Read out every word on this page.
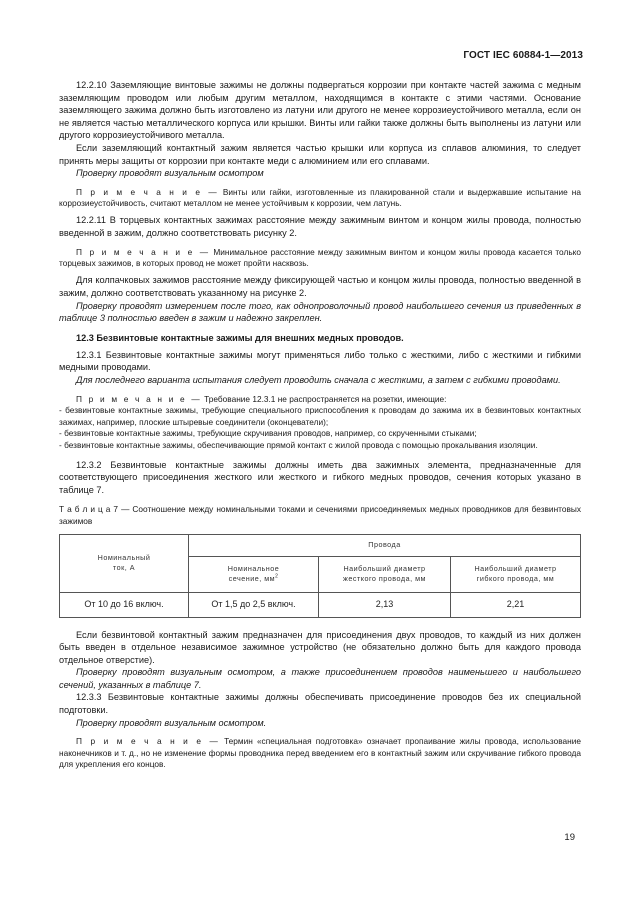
ГОСТ IEC 60884-1—2013

12.2.10 Заземляющие винтовые зажимы не должны подвергаться коррозии при контакте частей зажима с медным заземляющим проводом или любым другим металлом, находящимся в контакте с этими частями. Основание заземляющего зажима должно быть изготовлено из латуни или другого не менее коррозиеустойчивого металла, если он не является частью металлического корпуса или крышки. Винты или гайки также должны быть выполнены из латуни или другого коррозиеустойчивого металла.

Если заземляющий контактный зажим является частью крышки или корпуса из сплавов алюминия, то следует принять меры защиты от коррозии при контакте меди с алюминием или его сплавами.

Проверку проводят визуальным осмотром

П р и м е ч а н и е — Винты или гайки, изготовленные из плакированной стали и выдержавшие испытание на коррозиеустойчивость, считают металлом не менее устойчивым к коррозии, чем латунь.

12.2.11 В торцевых контактных зажимах расстояние между зажимным винтом и концом жилы провода, полностью введенной в зажим, должно соответствовать рисунку 2.

П р и м е ч а н и е — Минимальное расстояние между зажимным винтом и концом жилы провода касается только торцевых зажимов, в которых провод не может пройти насквозь.

Для колпачковых зажимов расстояние между фиксирующей частью и концом жилы провода, полностью введенной в зажим, должно соответствовать указанному на рисунке 2.

Проверку проводят измерением после того, как однопроволочный провод наибольшего сечения из приведенных в таблице 3 полностью введен в зажим и надежно закреплен.

12.3 Безвинтовые контактные зажимы для внешних медных проводов.

12.3.1 Безвинтовые контактные зажимы могут применяться либо только с жесткими, либо с жесткими и гибкими медными проводами.

Для последнего варианта испытания следует проводить сначала с жесткими, а затем с гибкими проводами.

П р и м е ч а н и е — Требование 12.3.1 не распространяется на розетки, имеющие:

- безвинтовые контактные зажимы, требующие специального приспособления к проводам до зажима их в безвинтовых контактных зажимах, например, плоские штыревые соединители (оконцеватели);

- безвинтовые контактные зажимы, требующие скручивания проводов, например, со скрученными стыками;

- безвинтовые контактные зажимы, обеспечивающие прямой контакт с жилой провода с помощью прокалывания изоляции.

12.3.2 Безвинтовые контактные зажимы должны иметь два зажимных элемента, предназначенные для соответствующего присоединения жесткого или жесткого и гибкого медных проводов, сечения которых указано в таблице 7.

Т а б л и ц а 7 — Соотношение между номинальными токами и сечениями присоединяемых медных проводников для безвинтовых зажимов

Номинальный ток, А	Провода		

	Номинальное сечение, $мм^2$	Наибольший диаметр жесткого провода, мм	Наибольший диаметр гибкого провода, мм

От 10 до 16 включ.	От 1,5 до 2,5 включ.	2,13	2,21

Если безвинтовой контактный зажим предназначен для присоединения двух проводов, то каждый из них должен быть введен в отдельное независимое зажимное устройство (не обязательно должно быть для каждого провода отдельное отверстие).

Проверку проводят визуальным осмотром, а также присоединением проводов наименьшего и наибольшего сечений, указанных в таблице 7.

12.3.3 Безвинтовые контактные зажимы должны обеспечивать присоединение проводов без их специальной подготовки.

Проверку проводят визуальным осмотром.

П р и м е ч а н и е — Термин «специальная подготовка» означает пропаивание жилы провода, использование наконечников и т. д., но не изменение формы проводника перед введением его в контактный зажим или скручивание гибкого провода для укрепления его концов.

19
